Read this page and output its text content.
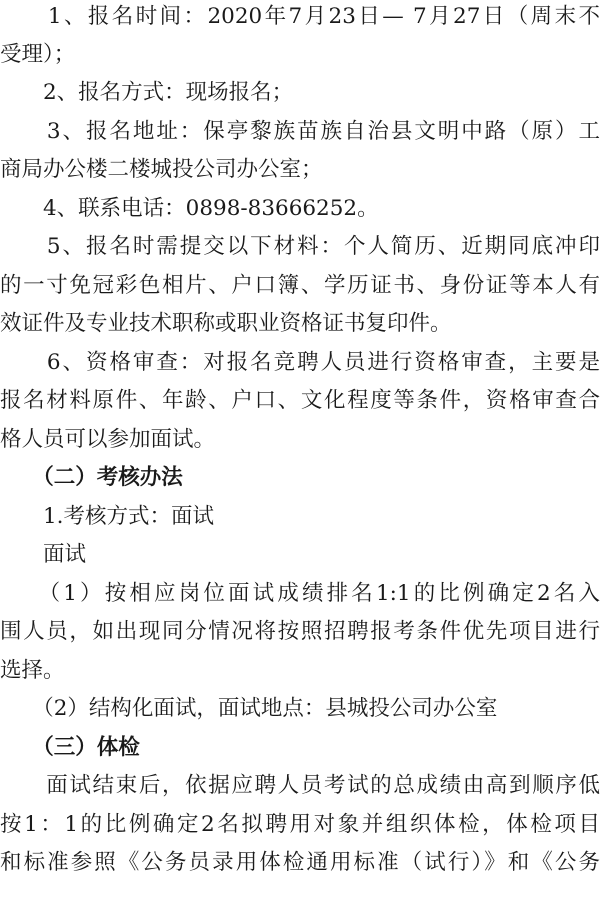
　　1、报名时间：2020年7月23日— 7月27日（周末不
受理）；
　　2、报名方式：现场报名；
　　3、报名地址：保亭黎族苗族自治县文明中路（原）工
商局办公楼二楼城投公司办公室；
　　4、联系电话：0898-83666252。
　　5、报名时需提交以下材料：个人简历、近期同底冲印
的一寸免冠彩色相片、户口簿、学历证书、身份证等本人有
效证件及专业技术职称或职业资格证书复印件。
　　6、资格审查：对报名竞聘人员进行资格审查，主要是
报名材料原件、年龄、户口、文化程度等条件，资格审查合
格人员可以参加面试。
　　（二）考核办法
　　1.考核方式：面试
　　面试
　　（1）按相应岗位面试成绩排名1:1的比例确定2名入
围人员，如出现同分情况将按照招聘报考条件优先项目进行
选择。
　　（2）结构化面试，面试地点：县城投公司办公室
　　（三）体检
　　面试结束后，依据应聘人员考试的总成绩由高到顺序低
按1：1的比例确定2名拟聘用对象并组织体检，体检项目
和标准参照《公务员录用体检通用标准（试行）》和《公务
